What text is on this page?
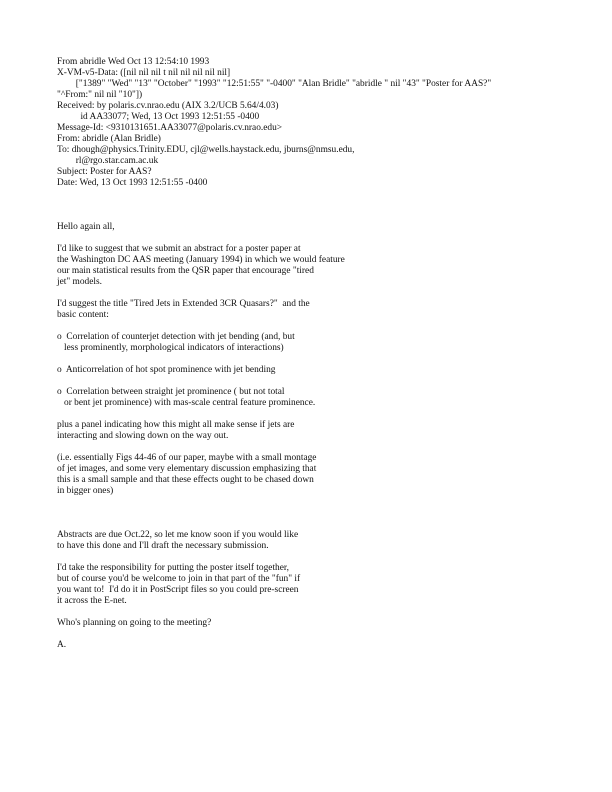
From abridle Wed Oct 13 12:54:10 1993
X-VM-v5-Data: ([nil nil nil t nil nil nil nil nil]
["1389" "Wed" "13" "October" "1993" "12:51:55" "-0400" "Alan Bridle" "abridle " nil "43" "Poster for AAS?"
"^From:" nil nil "10"])
Received: by polaris.cv.nrao.edu (AIX 3.2/UCB 5.64/4.03)
id AA33077; Wed, 13 Oct 1993 12:51:55 -0400
Message-Id: <9310131651.AA33077@polaris.cv.nrao.edu>
From: abridle (Alan Bridle)
To: dhough@physics.Trinity.EDU, cjl@wells.haystack.edu, jburns@nmsu.edu,
rl@rgo.star.cam.ac.uk
Subject: Poster for AAS?
Date: Wed, 13 Oct 1993 12:51:55 -0400
Hello again all,
I'd like to suggest that we submit an abstract for a poster paper at
the Washington DC AAS meeting (January 1994) in which we would feature
our main statistical results from the QSR paper that encourage "tired
jet" models.
I'd suggest the title "Tired Jets in Extended 3CR Quasars?"  and the
basic content:
o  Correlation of counterjet detection with jet bending (and, but
less prominently, morphological indicators of interactions)
o  Anticorrelation of hot spot prominence with jet bending
o  Correlation between straight jet prominence ( but not total
or bent jet prominence) with mas-scale central feature prominence.
plus a panel indicating how this might all make sense if jets are
interacting and slowing down on the way out.
(i.e. essentially Figs 44-46 of our paper, maybe with a small montage
of jet images, and some very elementary discussion emphasizing that
this is a small sample and that these effects ought to be chased down
in bigger ones)
Abstracts are due Oct.22, so let me know soon if you would like
to have this done and I'll draft the necessary submission.
I'd take the responsibility for putting the poster itself together,
but of course you'd be welcome to join in that part of the "fun" if
you want to!  I'd do it in PostScript files so you could pre-screen
it across the E-net.
Who's planning on going to the meeting?
A.
